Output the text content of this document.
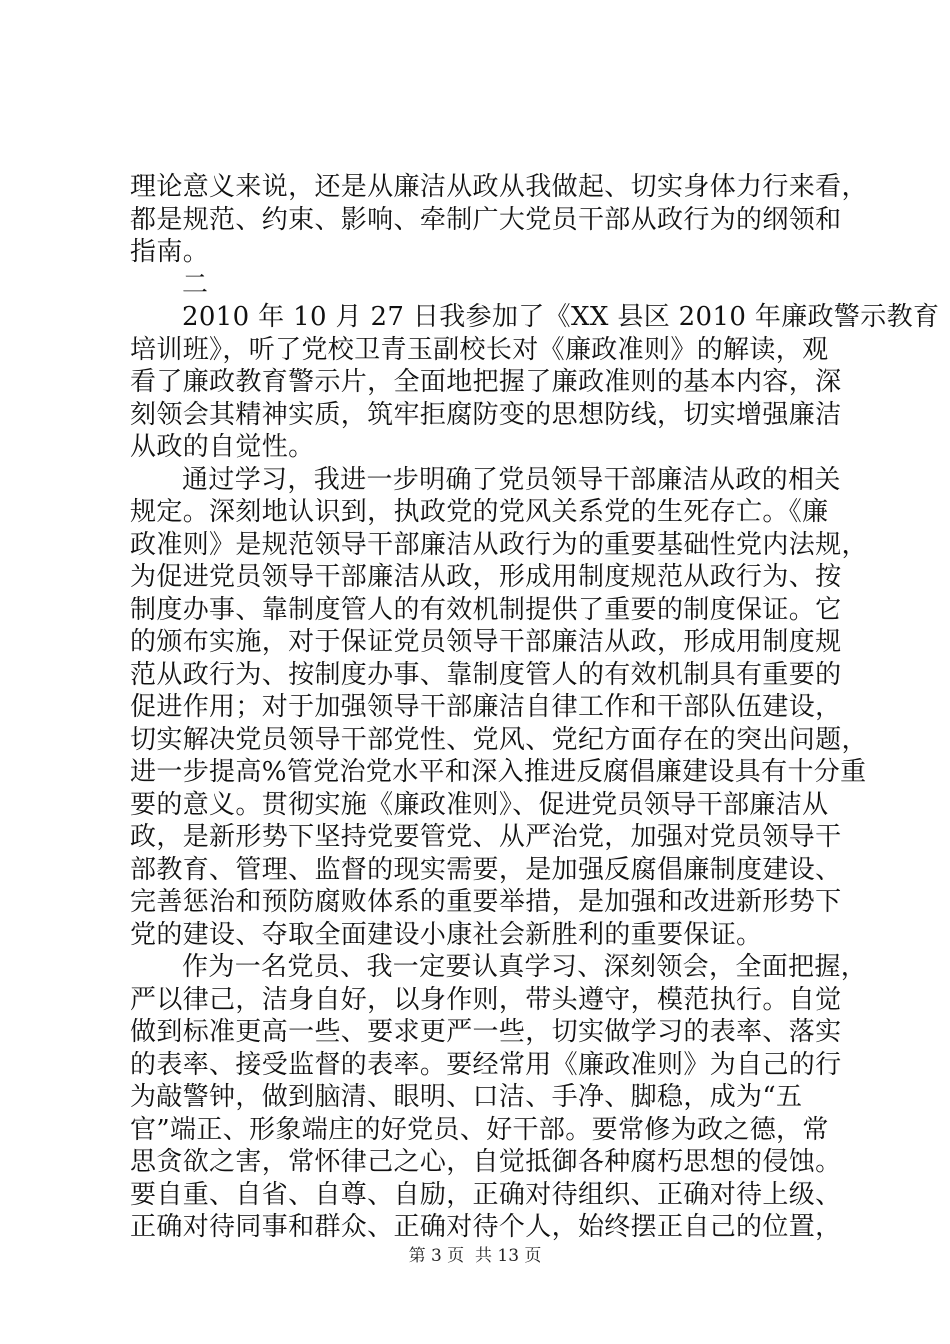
理论意义来说，还是从廉洁从政从我做起、切实身体力行来看，
都是规范、约束、影响、牵制广大党员干部从政行为的纲领和
指南。
二
2010 年 10 月 27 日我参加了《XX 县区 2010 年廉政警示教育
培训班》，听了党校卫青玉副校长对《廉政准则》的解读，观
看了廉政教育警示片，全面地把握了廉政准则的基本内容，深
刻领会其精神实质，筑牢拒腐防变的思想防线，切实增强廉洁
从政的自觉性。
通过学习，我进一步明确了党员领导干部廉洁从政的相关
规定。深刻地认识到，执政党的党风关系党的生死存亡。《廉
政准则》是规范领导干部廉洁从政行为的重要基础性党内法规，
为促进党员领导干部廉洁从政，形成用制度规范从政行为、按
制度办事、靠制度管人的有效机制提供了重要的制度保证。它
的颁布实施，对于保证党员领导干部廉洁从政，形成用制度规
范从政行为、按制度办事、靠制度管人的有效机制具有重要的
促进作用；对于加强领导干部廉洁自律工作和干部队伍建设，
切实解决党员领导干部党性、党风、党纪方面存在的突出问题，
进一步提高%管党治党水平和深入推进反腐倡廉建设具有十分重
要的意义。贯彻实施《廉政准则》、促进党员领导干部廉洁从
政，是新形势下坚持党要管党、从严治党，加强对党员领导干
部教育、管理、监督的现实需要，是加强反腐倡廉制度建设、
完善惩治和预防腐败体系的重要举措，是加强和改进新形势下
党的建设、夺取全面建设小康社会新胜利的重要保证。
作为一名党员、我一定要认真学习、深刻领会，全面把握，
严以律己，洁身自好，以身作则，带头遵守，模范执行。自觉
做到标准更高一些、要求更严一些，切实做学习的表率、落实
的表率、接受监督的表率。要经常用《廉政准则》为自己的行
为敲警钟，做到脑清、眼明、口洁、手净、脚稳，成为“五
官”端正、形象端庄的好党员、好干部。要常修为政之德，常
思贪欲之害，常怀律己之心，自觉抵御各种腐朽思想的侵蚀。
要自重、自省、自尊、自励，正确对待组织、正确对待上级、
正确对待同事和群众、正确对待个人，始终摆正自己的位置，
第 3 页  共 13 页
